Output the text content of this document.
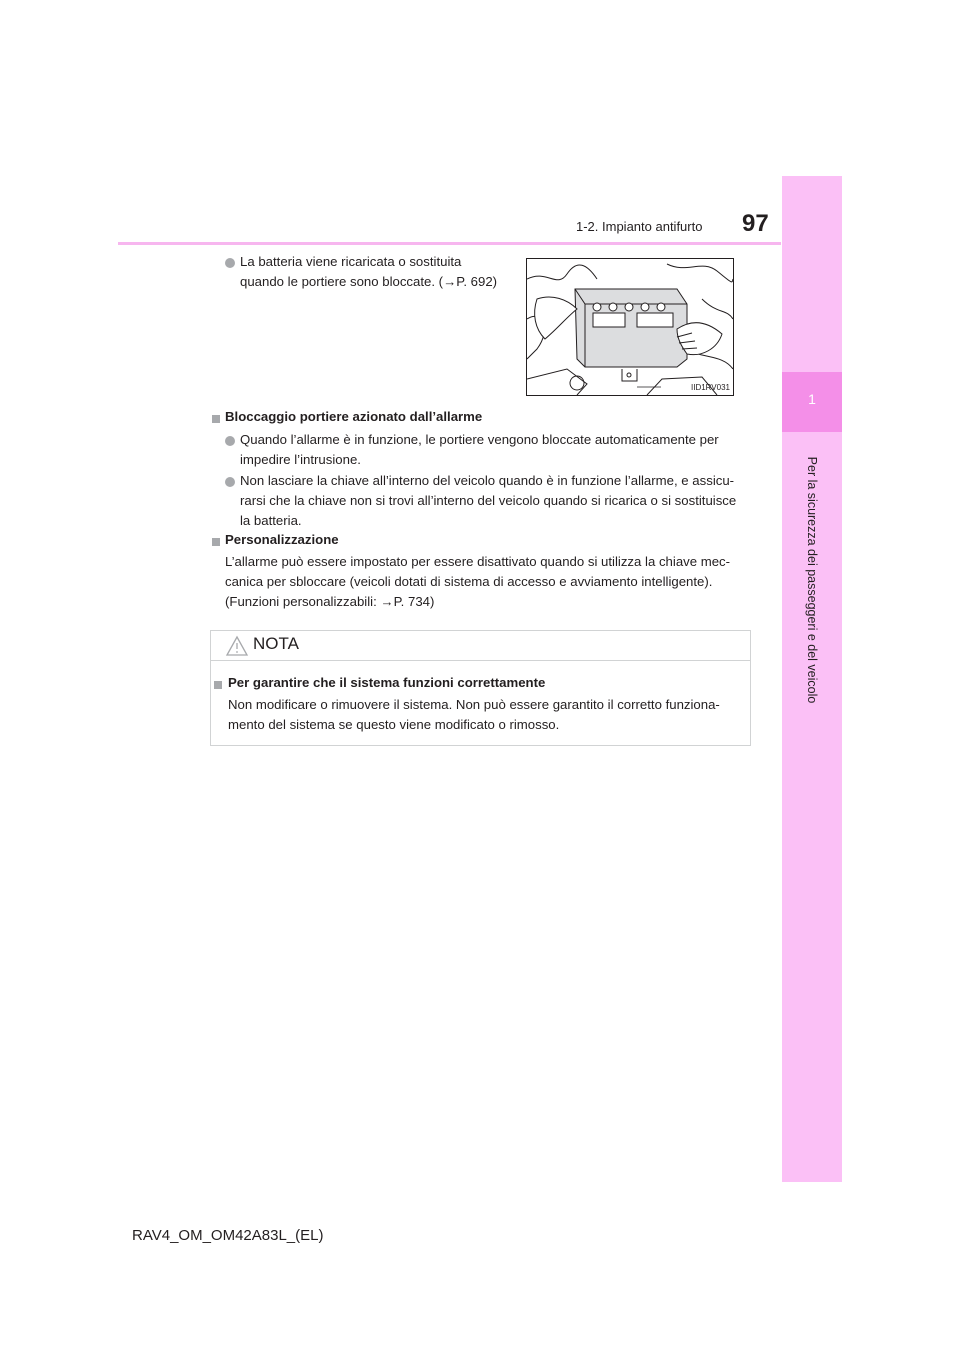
97
1-2. Impianto antifurto
1
Per la sicurezza dei passeggeri e del veicolo
La batteria viene ricaricata o sostituita
quando le portiere sono bloccate. (→P. 692)
IID1RV031
Bloccaggio portiere azionato dall’allarme
Quando l’allarme è in funzione, le portiere vengono bloccate automaticamente per
impedire l’intrusione.
Non lasciare la chiave all’interno del veicolo quando è in funzione l’allarme, e assicu-
rarsi che la chiave non si trovi all’interno del veicolo quando si ricarica o si sostituisce
la batteria.
Personalizzazione
L’allarme può essere impostato per essere disattivato quando si utilizza la chiave mec-
canica per sbloccare (veicoli dotati di sistema di accesso e avviamento intelligente).
(Funzioni personalizzabili: →P. 734)
NOTA
Per garantire che il sistema funzioni correttamente
Non modificare o rimuovere il sistema. Non può essere garantito il corretto funziona-
mento del sistema se questo viene modificato o rimosso.
RAV4_OM_OM42A83L_(EL)
